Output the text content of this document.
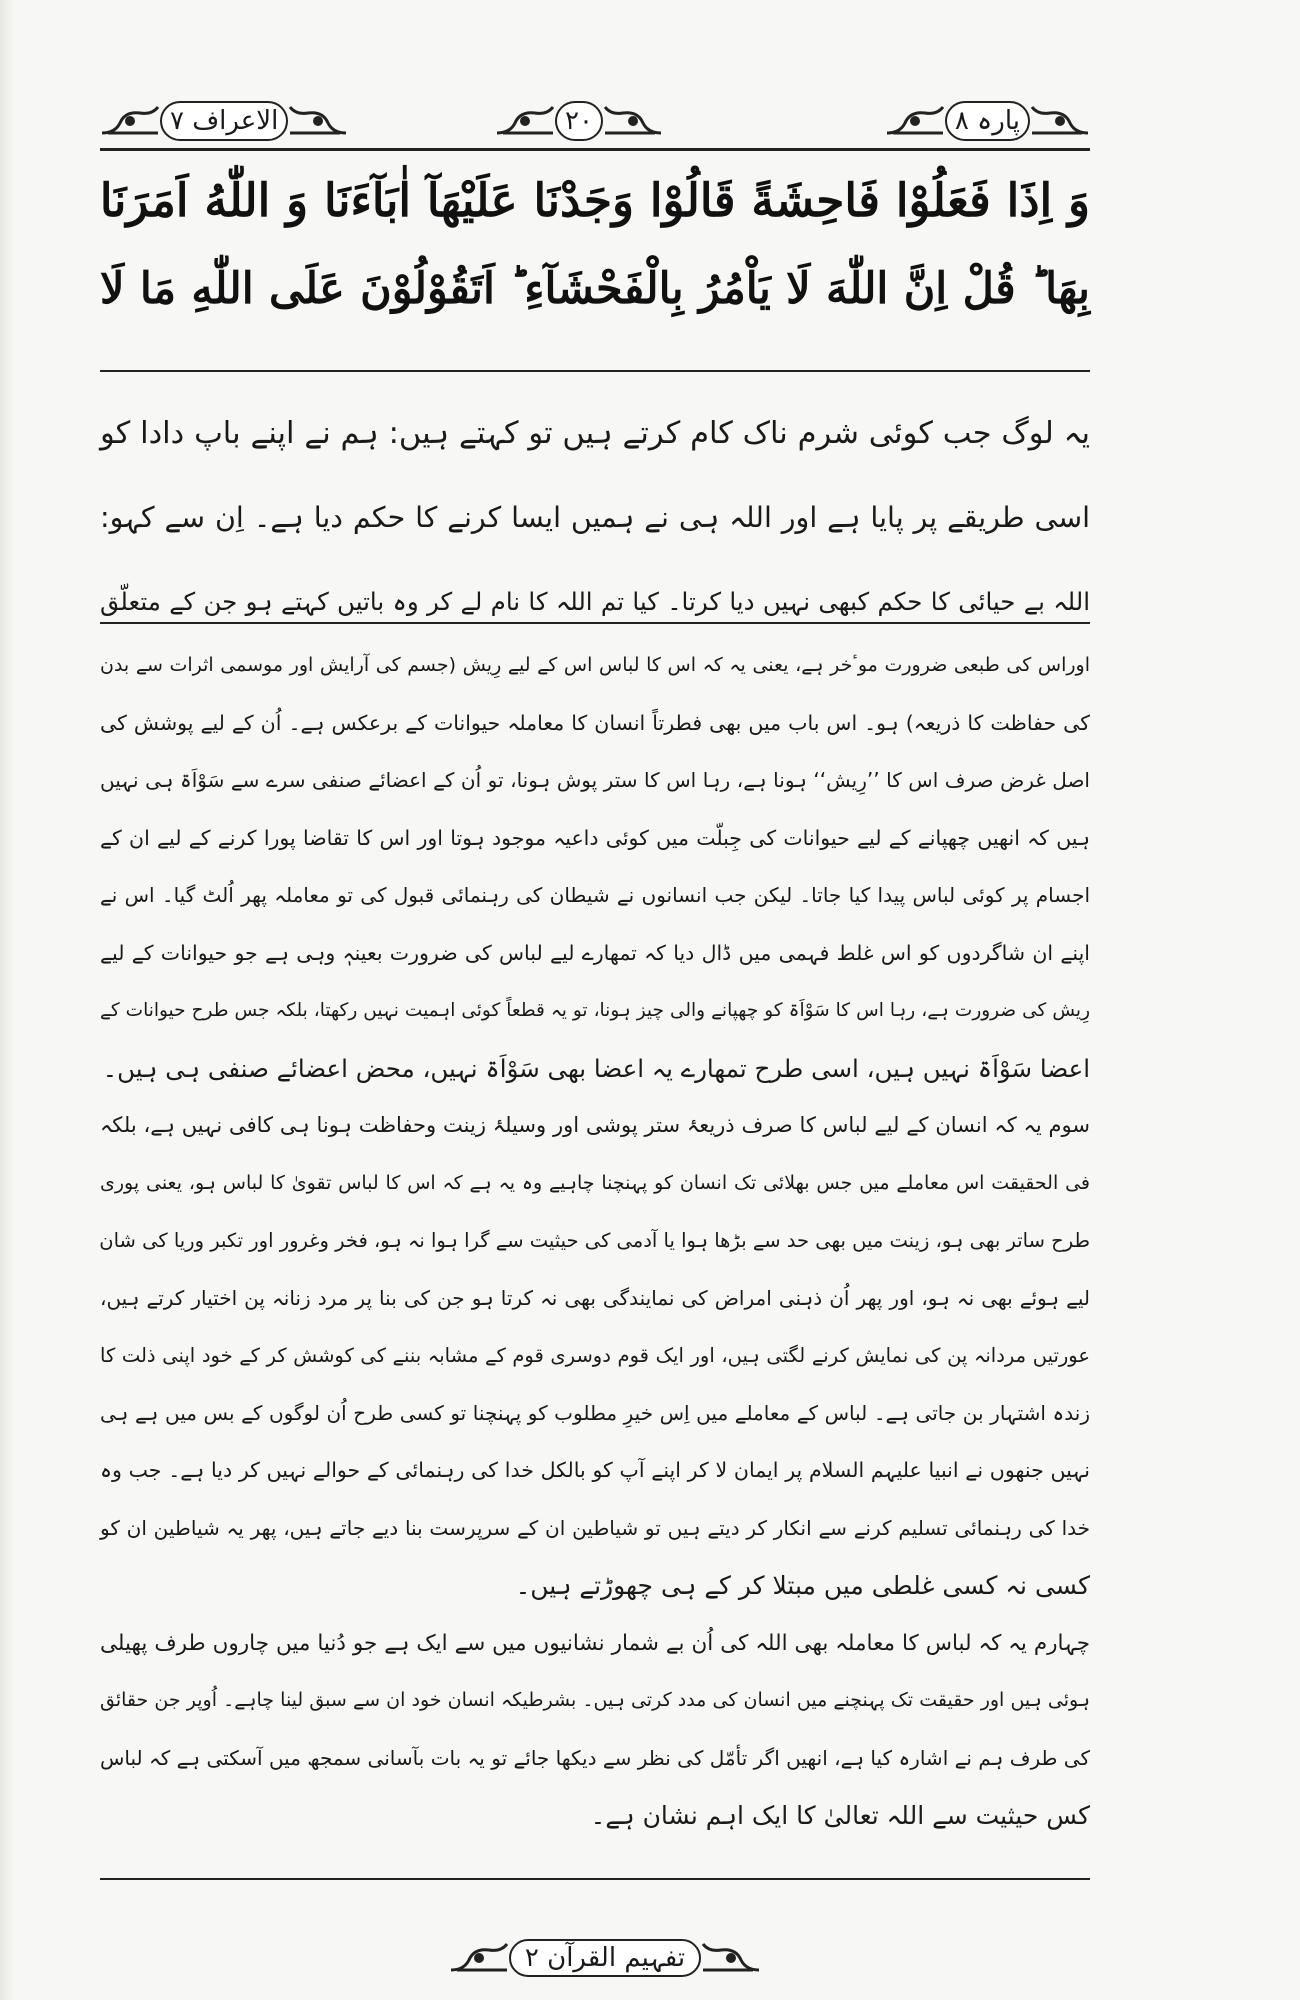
الاعراف ۷	۲۰	پارہ ۸
وَ اِذَا فَعَلُوْا فَاحِشَةً قَالُوْا وَجَدْنَا عَلَیْهَآ اٰبَآءَنَا وَ اللّٰهُ اَمَرَنَا
بِهَا ؕ قُلْ اِنَّ اللّٰهَ لَا یَاْمُرُ بِالْفَحْشَآءِ ؕ اَتَقُوْلُوْنَ عَلَى اللّٰهِ مَا لَا
یہ لوگ جب کوئی شرم ناک کام کرتے ہیں تو کہتے ہیں: ہم نے اپنے باپ دادا کو
اسی طریقے پر پایا ہے اور اللہ ہی نے ہمیں ایسا کرنے کا حکم دیا ہے۔ اِن سے کہو:
اللہ بے حیائی کا حکم کبھی نہیں دیا کرتا۔ کیا تم اللہ کا نام لے کر وہ باتیں کہتے ہو جن کے متعلّق
اوراس کی طبعی ضرورت موٴخر ہے، یعنی یہ کہ اس کا لباس اس کے لیے رِیش (جسم کی آرایش اور موسمی اثرات سے بدن
کی حفاظت کا ذریعہ) ہو۔ اس باب میں بھی فطرتاً انسان کا معاملہ حیوانات کے برعکس ہے۔ اُن کے لیے پوشش کی
اصل غرض صرف اس کا ’’رِیش‘‘ ہونا ہے، رہا اس کا ستر پوش ہونا، تو اُن کے اعضائے صنفی سرے سے سَوْاَۃ ہی نہیں
ہیں کہ انھیں چھپانے کے لیے حیوانات کی جِبلّت میں کوئی داعیہ موجود ہوتا اور اس کا تقاضا پورا کرنے کے لیے ان کے
اجسام پر کوئی لباس پیدا کیا جاتا۔ لیکن جب انسانوں نے شیطان کی رہنمائی قبول کی تو معاملہ پھر اُلٹ گیا۔ اس نے
اپنے ان شاگردوں کو اس غلط فہمی میں ڈال دیا کہ تمھارے لیے لباس کی ضرورت بعینہٖ وہی ہے جو حیوانات کے لیے
رِیش کی ضرورت ہے، رہا اس کا سَوْاَۃ کو چھپانے والی چیز ہونا، تو یہ قطعاً کوئی اہمیت نہیں رکھتا، بلکہ جس طرح حیوانات کے
اعضا سَوْاَۃ نہیں ہیں، اسی طرح تمھارے یہ اعضا بھی سَوْاَۃ نہیں، محض اعضائے صنفی ہی ہیں۔
سوم یہ کہ انسان کے لیے لباس کا صرف ذریعۂ ستر پوشی اور وسیلۂ زینت وحفاظت ہونا ہی کافی نہیں ہے، بلکہ
فی الحقیقت اس معاملے میں جس بھلائی تک انسان کو پہنچنا چاہیے وہ یہ ہے کہ اس کا لباس تقویٰ کا لباس ہو، یعنی پوری
طرح ساتر بھی ہو، زینت میں بھی حد سے بڑھا ہوا یا آدمی کی حیثیت سے گرا ہوا نہ ہو، فخر وغرور اور تکبر وریا کی شان
لیے ہوئے بھی نہ ہو، اور پھر اُن ذہنی امراض کی نمایندگی بھی نہ کرتا ہو جن کی بنا پر مرد زنانہ پن اختیار کرتے ہیں،
عورتیں مردانہ پن کی نمایش کرنے لگتی ہیں، اور ایک قوم دوسری قوم کے مشابہ بننے کی کوشش کر کے خود اپنی ذلت کا
زندہ اشتہار بن جاتی ہے۔ لباس کے معاملے میں اِس خیرِ مطلوب کو پہنچنا تو کسی طرح اُن لوگوں کے بس میں ہے ہی
نہیں جنھوں نے انبیا علیہم السلام پر ایمان لا کر اپنے آپ کو بالکل خدا کی رہنمائی کے حوالے نہیں کر دیا ہے۔ جب وہ
خدا کی رہنمائی تسلیم کرنے سے انکار کر دیتے ہیں تو شیاطین ان کے سرپرست بنا دیے جاتے ہیں، پھر یہ شیاطین ان کو
کسی نہ کسی غلطی میں مبتلا کر کے ہی چھوڑتے ہیں۔
چہارم یہ کہ لباس کا معاملہ بھی اللہ کی اُن بے شمار نشانیوں میں سے ایک ہے جو دُنیا میں چاروں طرف پھیلی
ہوئی ہیں اور حقیقت تک پہنچنے میں انسان کی مدد کرتی ہیں۔ بشرطیکہ انسان خود ان سے سبق لینا چاہے۔ اُوپر جن حقائق
کی طرف ہم نے اشارہ کیا ہے، انھیں اگر تأمّل کی نظر سے دیکھا جائے تو یہ بات بآسانی سمجھ میں آسکتی ہے کہ لباس
کس حیثیت سے اللہ تعالیٰ کا ایک اہم نشان ہے۔
تفہیم القرآن ۲
